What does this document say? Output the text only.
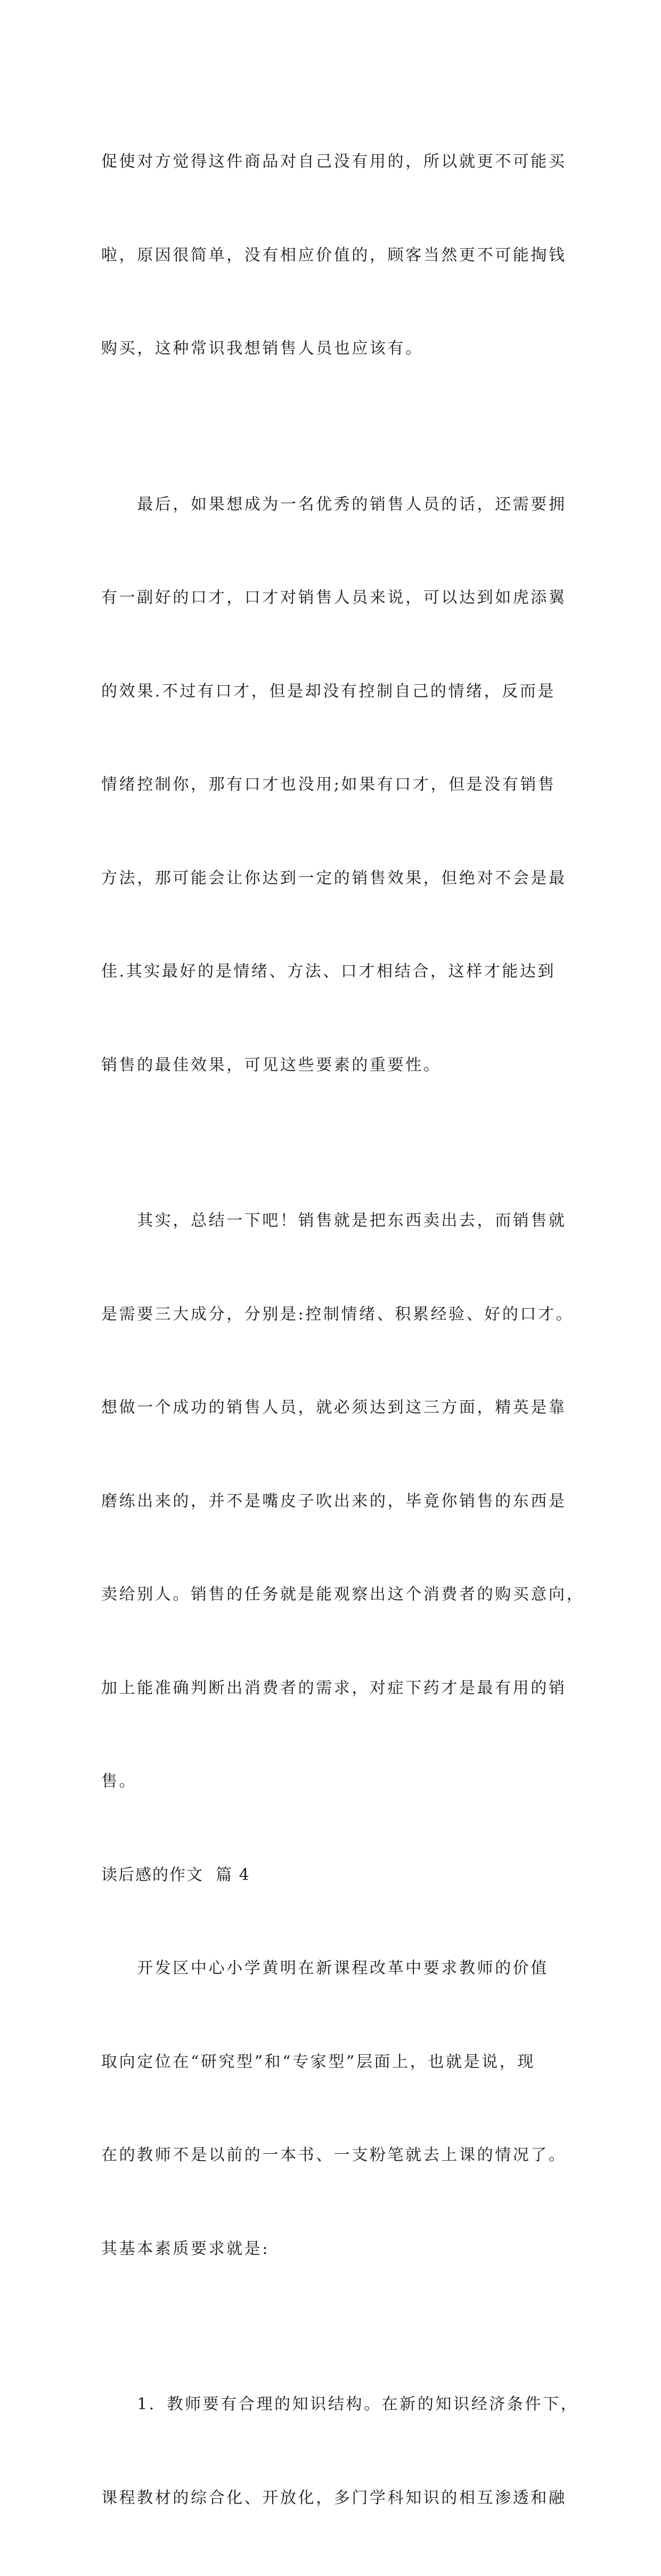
促使对方觉得这件商品对自己没有用的，所以就更不可能买

啦，原因很简单，没有相应价值的，顾客当然更不可能掏钱

购买，这种常识我想销售人员也应该有。

　　最后，如果想成为一名优秀的销售人员的话，还需要拥

有一副好的口才，口才对销售人员来说，可以达到如虎添翼

的效果.不过有口才，但是却没有控制自己的情绪，反而是

情绪控制你，那有口才也没用;如果有口才，但是没有销售

方法，那可能会让你达到一定的销售效果，但绝对不会是最

佳.其实最好的是情绪、方法、口才相结合，这样才能达到

销售的最佳效果，可见这些要素的重要性。

　　其实，总结一下吧！销售就是把东西卖出去，而销售就

是需要三大成分，分别是:控制情绪、积累经验、好的口才。

想做一个成功的销售人员，就必须达到这三方面，精英是靠

磨练出来的，并不是嘴皮子吹出来的，毕竟你销售的东西是

卖给别人。销售的任务就是能观察出这个消费者的购买意向，

加上能准确判断出消费者的需求，对症下药才是最有用的销

售。

读后感的作文  篇 4

　　开发区中心小学黄明在新课程改革中要求教师的价值

取向定位在“研究型”和“专家型”层面上，也就是说，现

在的教师不是以前的一本书、一支粉笔就去上课的情况了。

其基本素质要求就是:

　　1．教师要有合理的知识结构。在新的知识经济条件下，

课程教材的综合化、开放化，多门学科知识的相互渗透和融
